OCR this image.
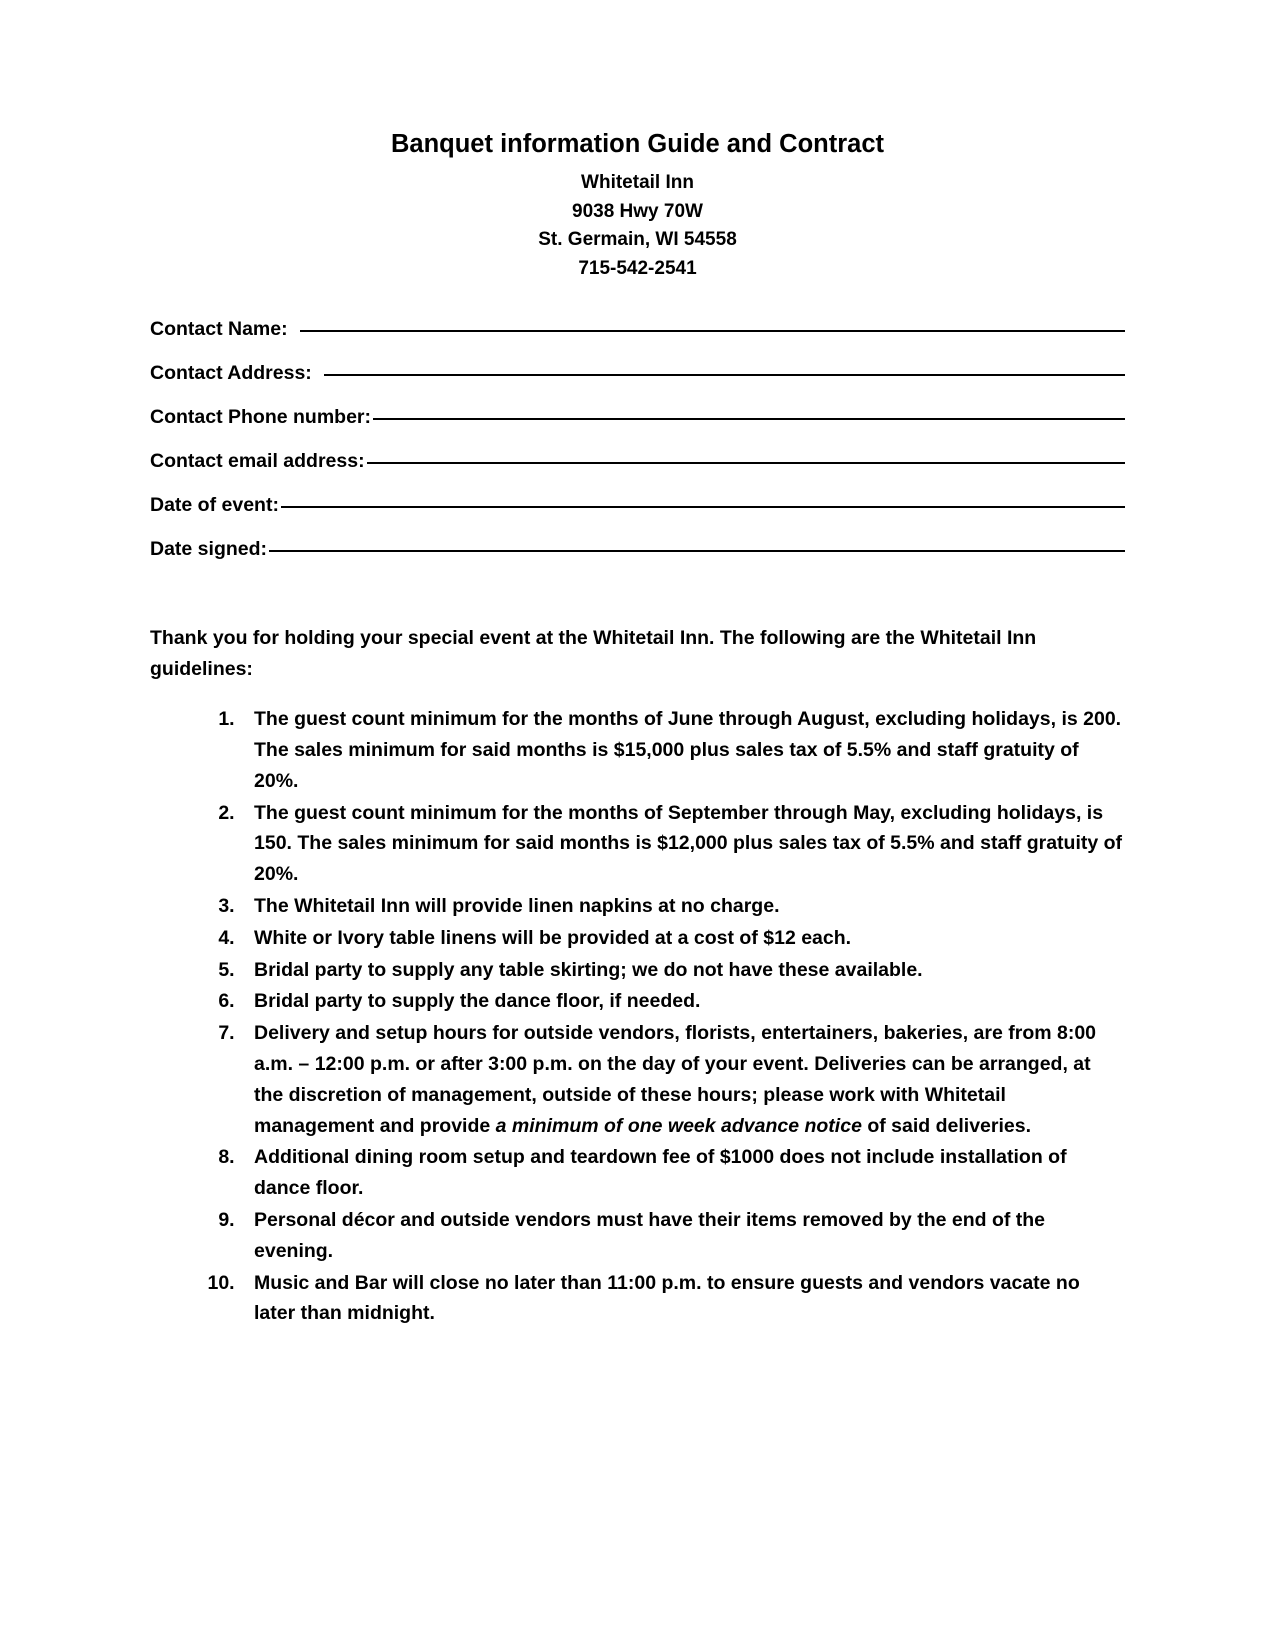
Banquet information Guide and Contract
Whitetail Inn
9038 Hwy 70W
St. Germain, WI 54558
715-542-2541
Contact Name:
Contact Address:
Contact Phone number:
Contact email address:
Date of event:
Date signed:

Thank you for holding your special event at the Whitetail Inn. The following are the Whitetail Inn guidelines:

1. The guest count minimum for the months of June through August, excluding holidays, is 200. The sales minimum for said months is $15,000 plus sales tax of 5.5% and staff gratuity of 20%.
2. The guest count minimum for the months of September through May, excluding holidays, is 150. The sales minimum for said months is $12,000 plus sales tax of 5.5% and staff gratuity of 20%.
3. The Whitetail Inn will provide linen napkins at no charge.
4. White or Ivory table linens will be provided at a cost of $12 each.
5. Bridal party to supply any table skirting; we do not have these available.
6. Bridal party to supply the dance floor, if needed.
7. Delivery and setup hours for outside vendors, florists, entertainers, bakeries, are from 8:00 a.m. – 12:00 p.m. or after 3:00 p.m. on the day of your event. Deliveries can be arranged, at the discretion of management, outside of these hours; please work with Whitetail management and provide a minimum of one week advance notice of said deliveries.
8. Additional dining room setup and teardown fee of $1000 does not include installation of dance floor.
9. Personal décor and outside vendors must have their items removed by the end of the evening.
10. Music and Bar will close no later than 11:00 p.m. to ensure guests and vendors vacate no later than midnight.
